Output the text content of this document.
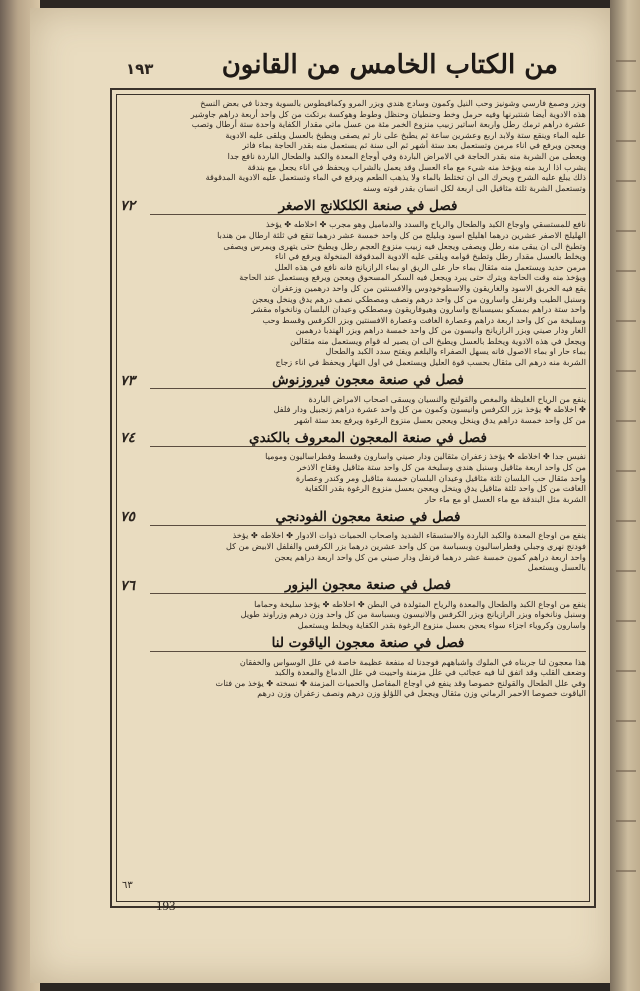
١٩٣	من الكتاب الخامس من القانون
وبزر وصمغ فارسي وشونيز وحب النيل وكمون وسادج هندي وبزر المرو وكمافيطوس بالسوية وجدنا في بعض النسخ
هذه الادوية أيضا شنتبرنها وفيه حرمل وخط وحنطيان وحنظل وطوط وهوكسة برتكت من كل واحد أربعة دراهم جاوشير
عشرة دراهم ترمك رطل واربعة اساتير زبيب منزوع الخمر مئة من عسل ماتي مقدار الكفاية واحدة ستة أرطال وتصب
عليه الماء وينقع ستة ولابد اربع وعشرين ساعة ثم يطبخ على نار ثم يصفى ويطبخ بالعسل ويلقى عليه الادوية
ويعجن ويرفع في اناء مرمن وتستعمل بعد ستة أشهر ثم الى سنة ثم يستعمل منه بقدر الحاجة بماء فاتر
ويعطى من الشربة منه بقدر الحاجة في الامراض الباردة وفي أوجاع المعدة والكبد والطحال الباردة نافع جدا
يشرب اذا اريد منه ويؤخذ منه شيء مع ماء العسل وقد يعمل بالشراب ويحفظ في اناء يجعل مع بندقة
ذلك يبلغ عليه الشرح ويحرك الى ان تختلط بالماء ولا يذهب الطعم ويرفع في الماء وتستعمل عليه الادوية المدقوقة
وتستعمل الشربة ثلثة مثاقيل الى اربعة لكل انسان بقدر قوته وسنه
فصل في صنعة الكلكلانج الاصغر
٧٢
نافع للمستسقي واوجاع الكبد والطحال والرياح والسدد والدماميل وهو مجرب ✤ اخلاطه ✤ يؤخذ
الهليلج الاصفر عشرين درهما اهليلج اسود وبليلج من كل واحد خمسة عشر درهما تنقع في ثلثة ارطال من هندبا
وتطبخ الى ان يبقى منه رطل ويصفى ويجعل فيه زبيب منزوع العجم رطل ويطبخ حتى يتهرى ويمرس ويصفى
ويخلط بالعسل مقدار رطل وتطبخ قوامه ويلقى عليه الادوية المدقوقة المنخولة ويرفع في اناء
مرمن حديد ويستعمل منه مثقال بماء حار على الريق او بماء الرازيانج فانه نافع في هذه العلل
ويؤخذ منه وقت الحاجة ويترك حتى يبرد ويجعل فيه السكر المسحوق ويعجن ويرفع ويستعمل عند الحاجة
يقع فيه الخربق الاسود والغاريقون والاسطوخودوس والافسنتين من كل واحد درهمين وزعفران
وسنبل الطيب وقرنفل واسارون من كل واحد درهم ونصف ومصطكي نصف درهم يدق وينخل ويعجن
واحد ستة دراهم بمسكو بسيسبانج واسارون وهيوفاريقون ومصطكي وعيدان البلسان ونانخواه مقشر
وسليخة من كل واحد اربعة دراهم وعصارة الغافت وعصارة الافسنتين وبزر الكرفس وقسط وحب
الغار ودار صيني وبزر الرازيانج وانيسون من كل واحد خمسة دراهم وبزر الهندبا درهمين
ويجعل في هذه الادوية ويخلط بالعسل ويطبخ الى ان يصير له قوام ويستعمل منه مثقالين
بماء حار او بماء الاصول فانه يسهل الصفراء والبلغم ويفتح سدد الكبد والطحال
الشربة منه درهم الى مثقال بحسب قوة العليل ويستعمل في اول النهار ويحفظ في اناء زجاج
فصل في صنعة معجون فيروزنوش
٧٣
ينفع من الرياح الغليظة والمغص والقولنج والنسيان ويسقى اصحاب الامراض الباردة
✤ اخلاطه ✤ يؤخذ بزر الكرفس وانيسون وكمون من كل واحد عشرة دراهم زنجبيل ودار فلفل
من كل واحد خمسة دراهم يدق وينخل ويعجن بعسل منزوع الرغوة ويرفع بعد ستة اشهر
فصل في صنعة المعجون المعروف بالكندي
٧٤
نفيس جدا ✤ اخلاطه ✤ يؤخذ زعفران مثقالين ودار صيني واسارون وقسط وفطراساليون وموميا
من كل واحد اربعة مثاقيل وسنبل هندي وسليخة من كل واحد ستة مثاقيل وفقاح الاذخر
واحد مثقال حب البلسان ثلثة مثاقيل وعيدان البلسان خمسة مثاقيل ومر وكندر وعصارة
الغافت من كل واحد ثلثة مثاقيل يدق وينخل ويعجن بعسل منزوع الرغوة بقدر الكفاية
الشربة مثل البندقة مع ماء العسل او مع ماء حار
فصل في صنعة معجون الفودنجي
٧٥
ينفع من اوجاع المعدة والكبد الباردة والاستسقاء الشديد واصحاب الحميات ذوات الادوار ✤ اخلاطه ✤ يؤخذ
فودنج نهري وجبلي وفطراساليون وبسباسة من كل واحد عشرين درهما بزر الكرفس والفلفل الابيض من كل
واحد اربعة دراهم كمون خمسة عشر درهما قرنفل ودار صيني من كل واحد اربعة دراهم يعجن
بالعسل ويستعمل
فصل في صنعة معجون البزور
٧٦
ينفع من اوجاع الكبد والطحال والمعدة والرياح المتولدة في البطن ✤ اخلاطه ✤ يؤخذ سليخة وحماما
وسنبل ونانخواه وبزر الرازيانج وبزر الكرفس والانيسون وبسباسة من كل واحد وزن درهم وزراوند طويل
واسارون وكروياء اجزاء سواء يعجن بعسل منزوع الرغوة بقدر الكفاية ويخلط ويستعمل
فصل في صنعة معجون الياقوت لنا
هذا معجون لنا جربناه في الملوك واشباههم فوجدنا له منفعة عظيمة خاصة في علل الوسواس والخفقان
وضعف القلب وقد اتفق لنا فيه عجائب في علل مزمنة واحييت في علل الدماغ والمعدة والكبد
وفي علل الطحال والقولنج خصوصا وقد ينفع في اوجاع المفاصل والحميات المزمنة ✤ نسخته ✤ يؤخذ من فتات
الياقوت خصوصا الاحمر الرماني وزن مثقال ويجعل في اللؤلؤ وزن درهم ونصف زعفران وزن درهم
٦٣
193
